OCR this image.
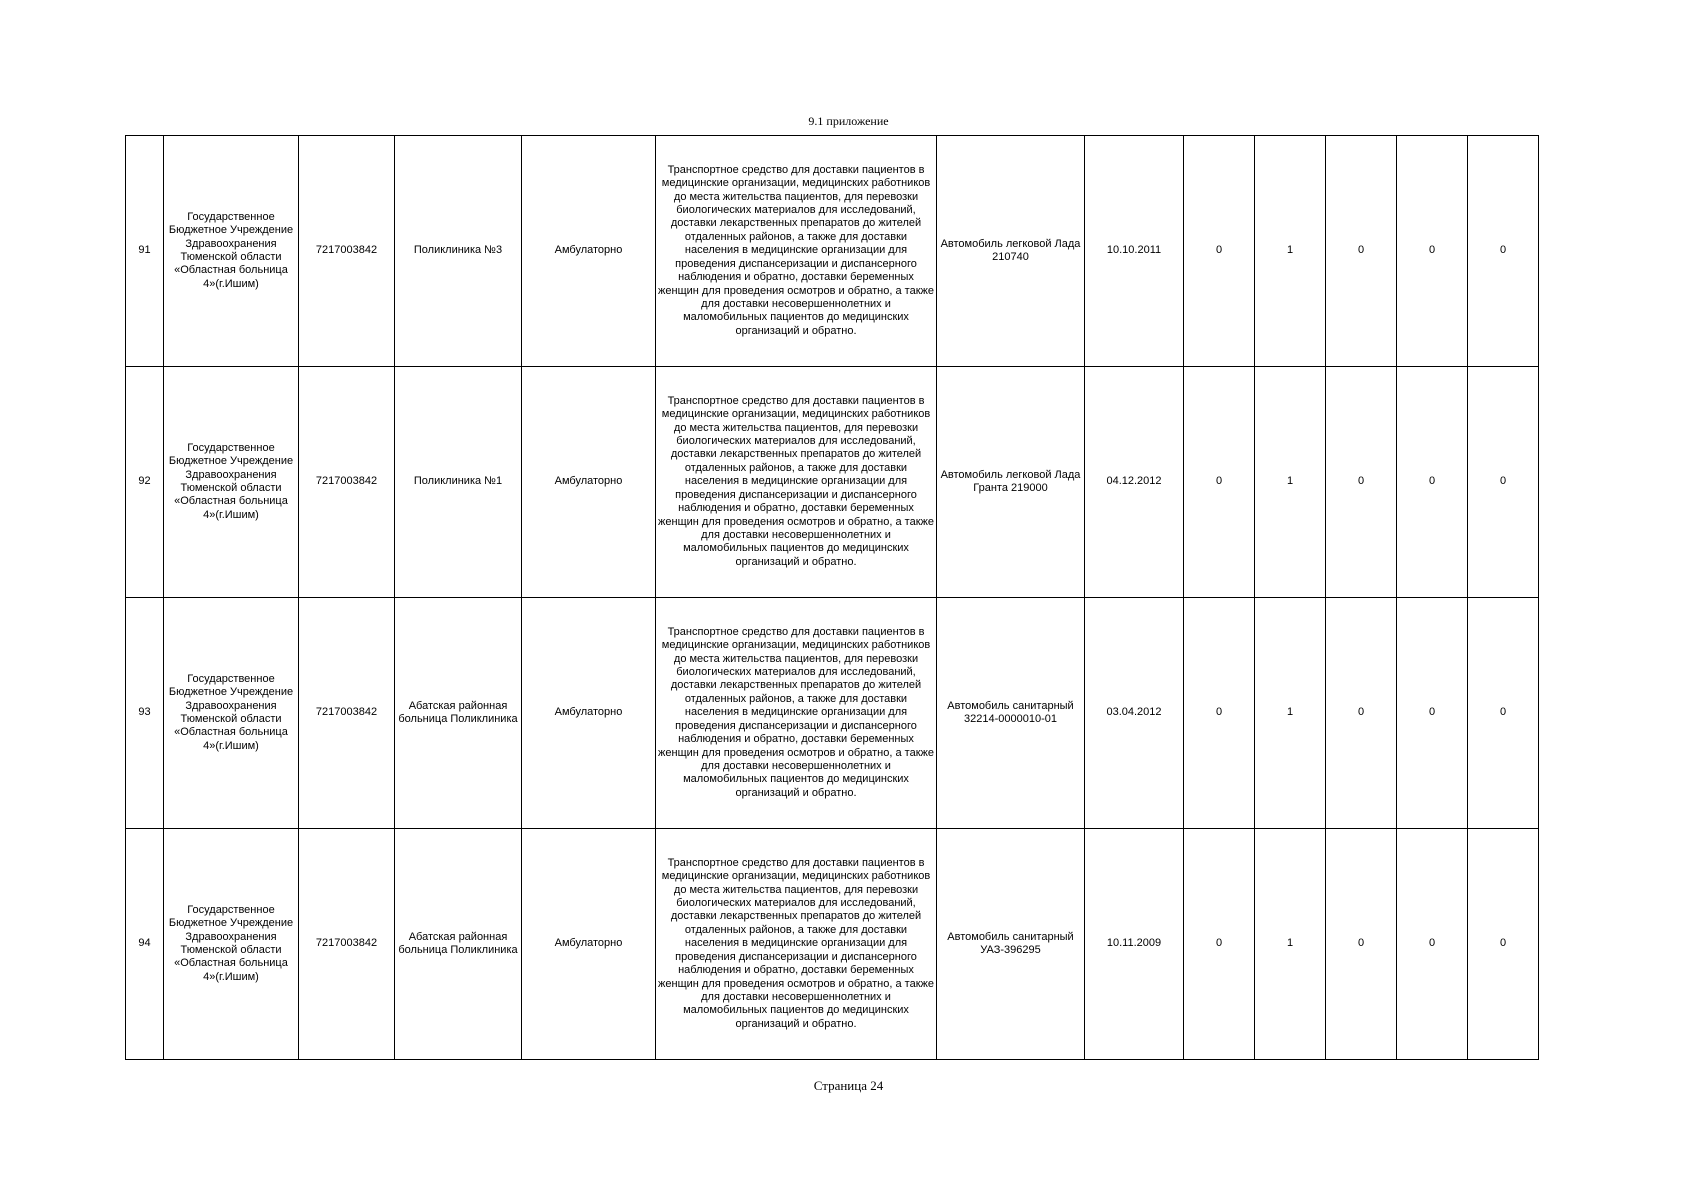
9.1 приложение
91	Государственное Бюджетное Учреждение Здравоохранения Тюменской области «Областная больница 4»(г.Ишим)	7217003842	Поликлиника №3	Амбулаторно	Транспортное средство для доставки пациентов в медицинские организации, медицинских работников до места жительства пациентов, для перевозки биологических материалов для исследований, доставки лекарственных препаратов до жителей отдаленных районов, а также для доставки населения в медицинские организации для проведения диспансеризации и диспансерного наблюдения и обратно, доставки беременных женщин для проведения осмотров и обратно, а также для доставки несовершеннолетних и маломобильных пациентов до медицинских организаций и обратно.	Автомобиль легковой Лада 210740	10.10.2011	0	1	0	0	0
92	Государственное Бюджетное Учреждение Здравоохранения Тюменской области «Областная больница 4»(г.Ишим)	7217003842	Поликлиника №1	Амбулаторно	Транспортное средство для доставки пациентов в медицинские организации, медицинских работников до места жительства пациентов, для перевозки биологических материалов для исследований, доставки лекарственных препаратов до жителей отдаленных районов, а также для доставки населения в медицинские организации для проведения диспансеризации и диспансерного наблюдения и обратно, доставки беременных женщин для проведения осмотров и обратно, а также для доставки несовершеннолетних и маломобильных пациентов до медицинских организаций и обратно.	Автомобиль легковой Лада Гранта 219000	04.12.2012	0	1	0	0	0
93	Государственное Бюджетное Учреждение Здравоохранения Тюменской области «Областная больница 4»(г.Ишим)	7217003842	Абатская районная больница Поликлиника	Амбулаторно	Транспортное средство для доставки пациентов в медицинские организации, медицинских работников до места жительства пациентов, для перевозки биологических материалов для исследований, доставки лекарственных препаратов до жителей отдаленных районов, а также для доставки населения в медицинские организации для проведения диспансеризации и диспансерного наблюдения и обратно, доставки беременных женщин для проведения осмотров и обратно, а также для доставки несовершеннолетних и маломобильных пациентов до медицинских организаций и обратно.	Автомобиль санитарный 32214-0000010-01	03.04.2012	0	1	0	0	0
94	Государственное Бюджетное Учреждение Здравоохранения Тюменской области «Областная больница 4»(г.Ишим)	7217003842	Абатская районная больница Поликлиника	Амбулаторно	Транспортное средство для доставки пациентов в медицинские организации, медицинских работников до места жительства пациентов, для перевозки биологических материалов для исследований, доставки лекарственных препаратов до жителей отдаленных районов, а также для доставки населения в медицинские организации для проведения диспансеризации и диспансерного наблюдения и обратно, доставки беременных женщин для проведения осмотров и обратно, а также для доставки несовершеннолетних и маломобильных пациентов до медицинских организаций и обратно.	Автомобиль санитарный УАЗ-396295	10.11.2009	0	1	0	0	0
Страница 24
